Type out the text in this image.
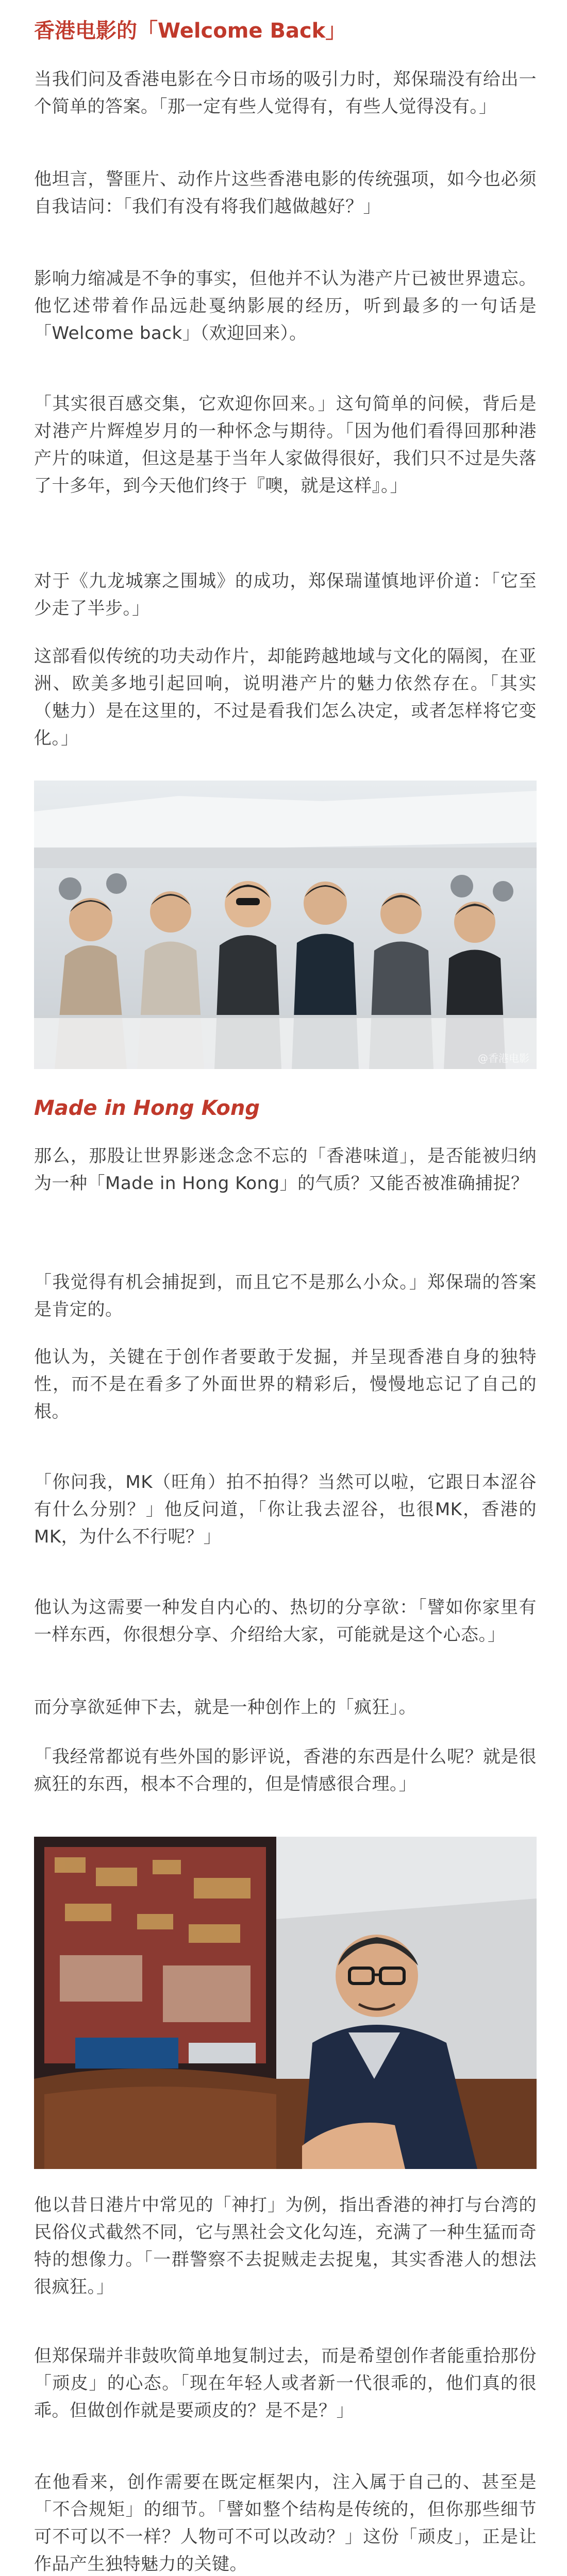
香港电影的「Welcome Back」

当我们问及香港电影在今日市场的吸引力时，郑保瑞没有给出一个简单的答案。「那一定有些人觉得有，有些人觉得没有。」

他坦言，警匪片、动作片这些香港电影的传统强项，如今也必须自我诘问：「我们有没有将我们越做越好？」

影响力缩减是不争的事实，但他并不认为港产片已被世界遗忘。他忆述带着作品远赴戛纳影展的经历，听到最多的一句话是「Welcome back」（欢迎回来）。

「其实很百感交集，它欢迎你回来。」这句简单的问候，背后是对港产片辉煌岁月的一种怀念与期待。「因为他们看得回那种港产片的味道，但这是基于当年人家做得很好，我们只不过是失落了十多年，到今天他们终于『噢，就是这样』。」

对于《九龙城寨之围城》的成功，郑保瑞谨慎地评价道：「它至少走了半步。」

这部看似传统的功夫动作片，却能跨越地域与文化的隔阂，在亚洲、欧美多地引起回响，说明港产片的魅力依然存在。「其实（魅力）是在这里的，不过是看我们怎么决定，或者怎样将它变化。」

@香港电影
Made in Hong Kong

那么，那股让世界影迷念念不忘的「香港味道」，是否能被归纳为一种「Made in Hong Kong」的气质？又能否被准确捕捉？

「我觉得有机会捕捉到，而且它不是那么小众。」郑保瑞的答案是肯定的。

他认为，关键在于创作者要敢于发掘，并呈现香港自身的独特性，而不是在看多了外面世界的精彩后，慢慢地忘记了自己的根。

「你问我，MK（旺角）拍不拍得？当然可以啦，它跟日本涩谷有什么分别？」他反问道，「你让我去涩谷，也很MK，香港的MK，为什么不行呢？」

他认为这需要一种发自内心的、热切的分享欲：「譬如你家里有一样东西，你很想分享、介绍给大家，可能就是这个心态。」

而分享欲延伸下去，就是一种创作上的「疯狂」。

「我经常都说有些外国的影评说，香港的东西是什么呢？就是很疯狂的东西，根本不合理的，但是情感很合理。」

他以昔日港片中常见的「神打」为例，指出香港的神打与台湾的民俗仪式截然不同，它与黑社会文化勾连，充满了一种生猛而奇特的想像力。「一群警察不去捉贼走去捉鬼，其实香港人的想法很疯狂。」

但郑保瑞并非鼓吹简单地复制过去，而是希望创作者能重拾那份「顽皮」的心态。「现在年轻人或者新一代很乖的，他们真的很乖。但做创作就是要顽皮的？是不是？」

在他看来，创作需要在既定框架内，注入属于自己的、甚至是「不合规矩」的细节。「譬如整个结构是传统的，但你那些细节可不可以不一样？人物可不可以改动？」这份「顽皮」，正是让作品产生独特魅力的关键。
